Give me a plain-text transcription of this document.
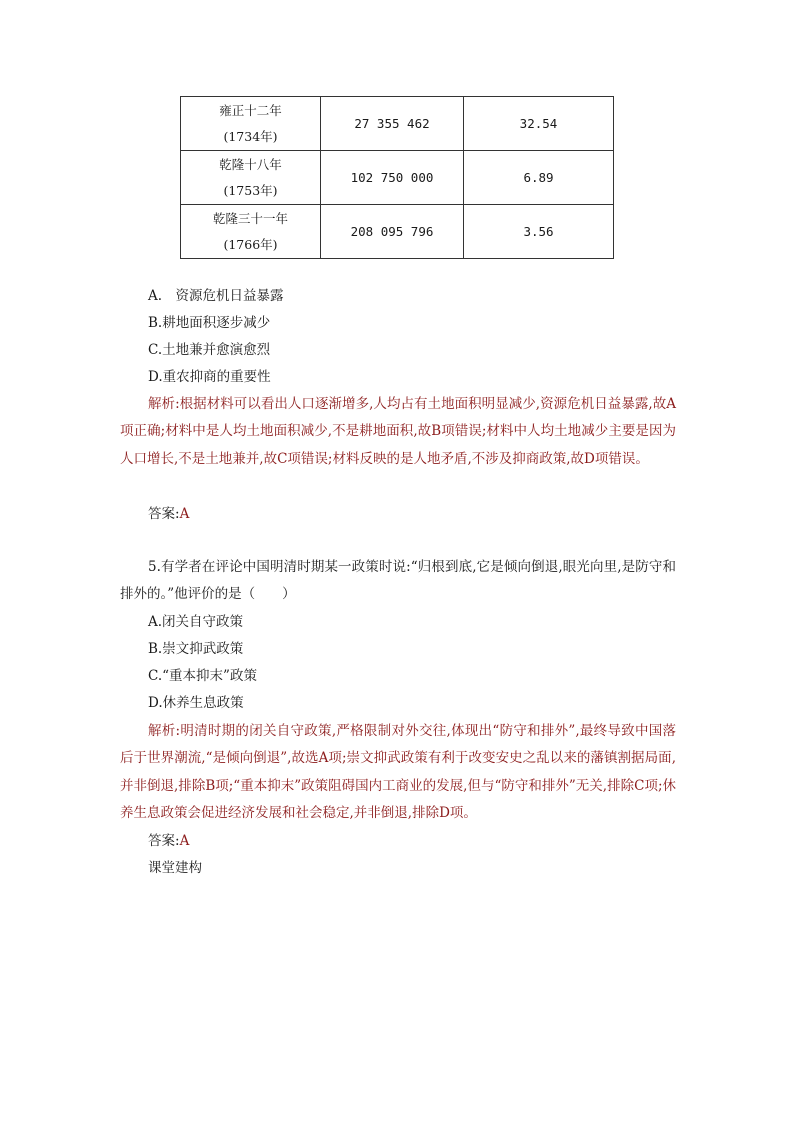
雍正十二年
(1734年)	27 355 462	32.54

乾隆十八年
(1753年)	102 750 000	6.89

乾隆三十一年
(1766年)	208 095 796	3.56
A.　资源危机日益暴露
B.耕地面积逐步减少
C.土地兼并愈演愈烈
D.重农抑商的重要性
解析:根据材料可以看出人口逐渐增多,人均占有土地面积明显减少,资源危机日益暴露,故A项正确;材料中是人均土地面积减少,不是耕地面积,故B项错误;材料中人均土地减少主要是因为人口增长,不是土地兼并,故C项错误;材料反映的是人地矛盾,不涉及抑商政策,故D项错误。
答案:A
5.有学者在评论中国明清时期某一政策时说:“归根到底,它是倾向倒退,眼光向里,是防守和排外的。”他评价的是（　　）
A.闭关自守政策
B.崇文抑武政策
C.“重本抑末”政策
D.休养生息政策
解析:明清时期的闭关自守政策,严格限制对外交往,体现出“防守和排外”,最终导致中国落后于世界潮流,“是倾向倒退”,故选A项;崇文抑武政策有利于改变安史之乱以来的藩镇割据局面,并非倒退,排除B项;“重本抑末”政策阻碍国内工商业的发展,但与“防守和排外”无关,排除C项;休养生息政策会促进经济发展和社会稳定,并非倒退,排除D项。
答案:A
课堂建构
